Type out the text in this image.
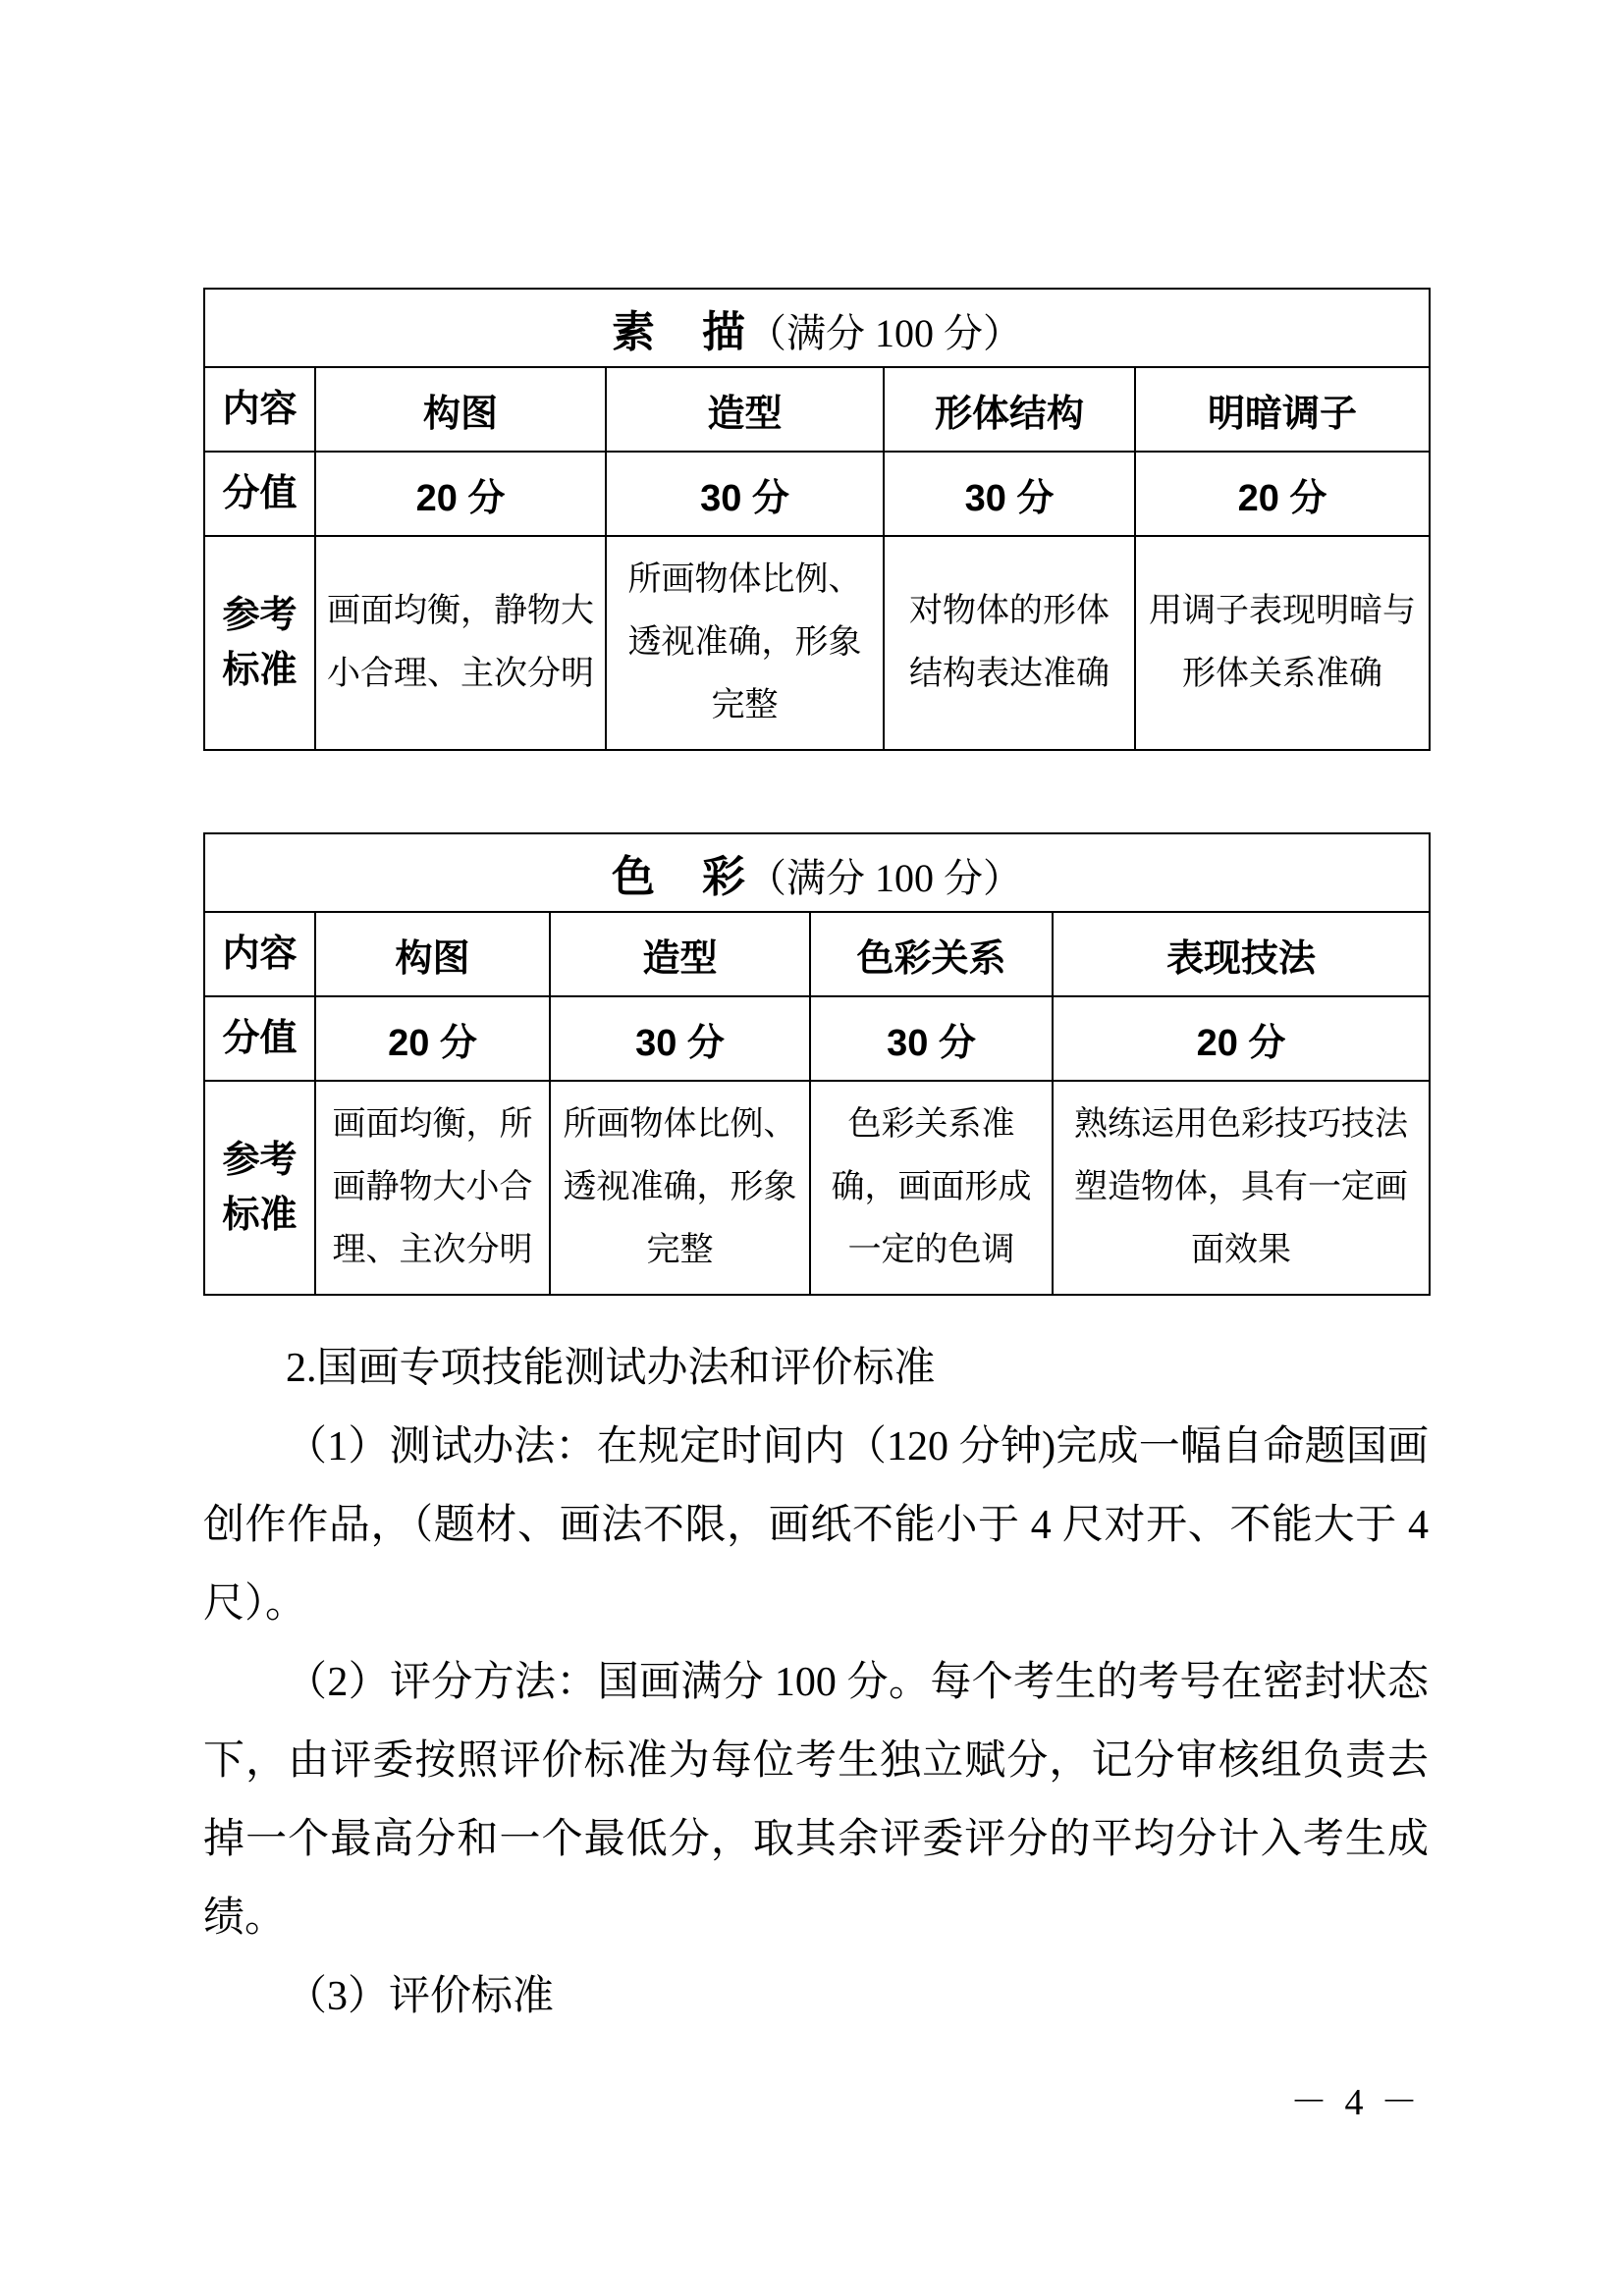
素　描（满分 100 分）				
内容	构图	造型	形体结构	明暗调子
分值	20 分	30 分	30 分	20 分
参考标准	画面均衡，静物大小合理、主次分明	所画物体比例、透视准确，形象完整	对物体的形体结构表达准确	用调子表现明暗与形体关系准确
色　彩（满分 100 分）				
内容	构图	造型	色彩关系	表现技法
分值	20 分	30 分	30 分	20 分
参考标准	画面均衡，所画静物大小合理、主次分明	所画物体比例、透视准确，形象完整	色彩关系准确，画面形成一定的色调	熟练运用色彩技巧技法塑造物体，具有一定画面效果

2.国画专项技能测试办法和评价标准

（1）测试办法：在规定时间内（120 分钟)完成一幅自命题国画创作作品，（题材、画法不限，画纸不能小于 4 尺对开、不能大于 4 尺）。

（2）评分方法：国画满分 100 分。每个考生的考号在密封状态下，由评委按照评价标准为每位考生独立赋分，记分审核组负责去掉一个最高分和一个最低分，取其余评委评分的平均分计入考生成绩。

（3）评价标准

－ 4 －
